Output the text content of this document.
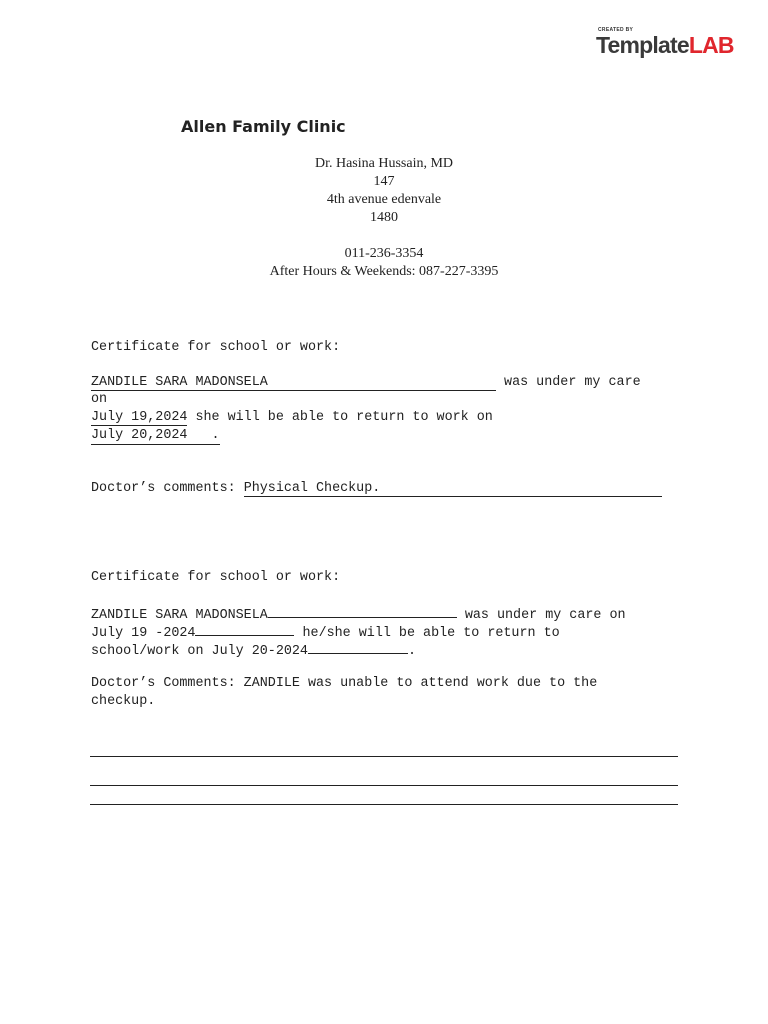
CREATED BY
TemplateLAB
Allen Family Clinic
Dr. Hasina Hussain, MD
147
4th avenue edenvale
1480
011-236-3354
After Hours & Weekends: 087-227-3395
Certificate for school or work:
ZANDILE SARA MADONSELA	was under my care
on
July 19,2024 she will be able to return to work on
July 20,2024   .
Doctor’s comments: Physical Checkup.
Certificate for school or work:
ZANDILE SARA MADONSELA	was under my care on
July 19 -2024	he/she will be able to return to
school/work on July 20-2024	.
Doctor’s Comments: ZANDILE was unable to attend work due to the
checkup.
